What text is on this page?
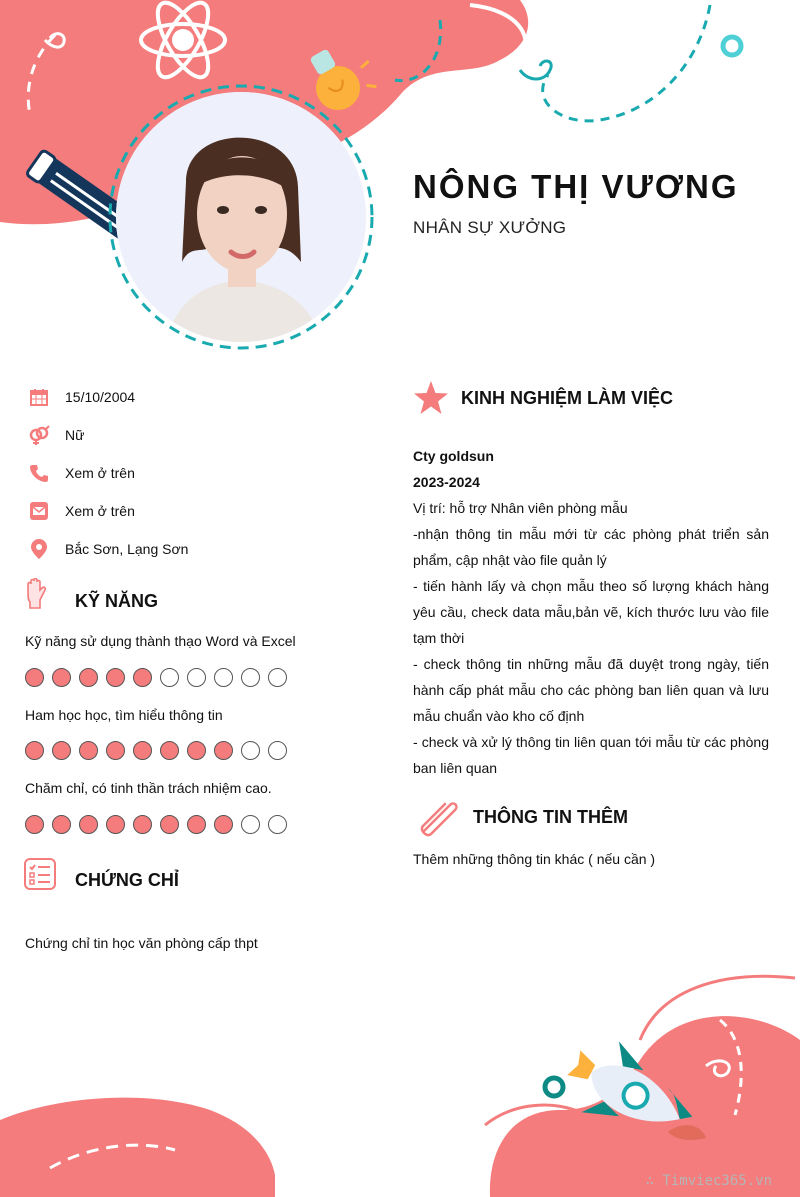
NÔNG THỊ VƯƠNG
NHÂN SỰ XƯỞNG
15/10/2004
Nữ
Xem ở trên
Xem ở trên
Bắc Sơn, Lạng Sơn
KỸ NĂNG
Kỹ năng sử dụng thành thạo Word và Excel
Ham học học, tìm hiểu thông tin
Chăm chỉ, có tinh thần trách nhiệm cao.
CHỨNG CHỈ
Chứng chỉ tin học văn phòng cấp thpt
KINH NGHIỆM LÀM VIỆC
Cty goldsun
2023-2024
Vị trí: hỗ trợ Nhân viên phòng mẫu
-nhận thông tin mẫu mới từ các phòng phát triển sản phẩm, cập nhật vào file quản lý
- tiến hành lấy và chọn mẫu theo số lượng khách hàng yêu cầu, check data mẫu,bản vẽ, kích thước lưu vào file tạm thời
- check thông tin những mẫu đã duyệt trong ngày, tiến hành cấp phát mẫu cho các phòng ban liên quan và lưu mẫu chuẩn vào kho cố định
- check và xử lý thông tin liên quan tới mẫu từ các phòng ban liên quan
THÔNG TIN THÊM
Thêm những thông tin khác ( nếu cần )
∴ Timviec365.vn
